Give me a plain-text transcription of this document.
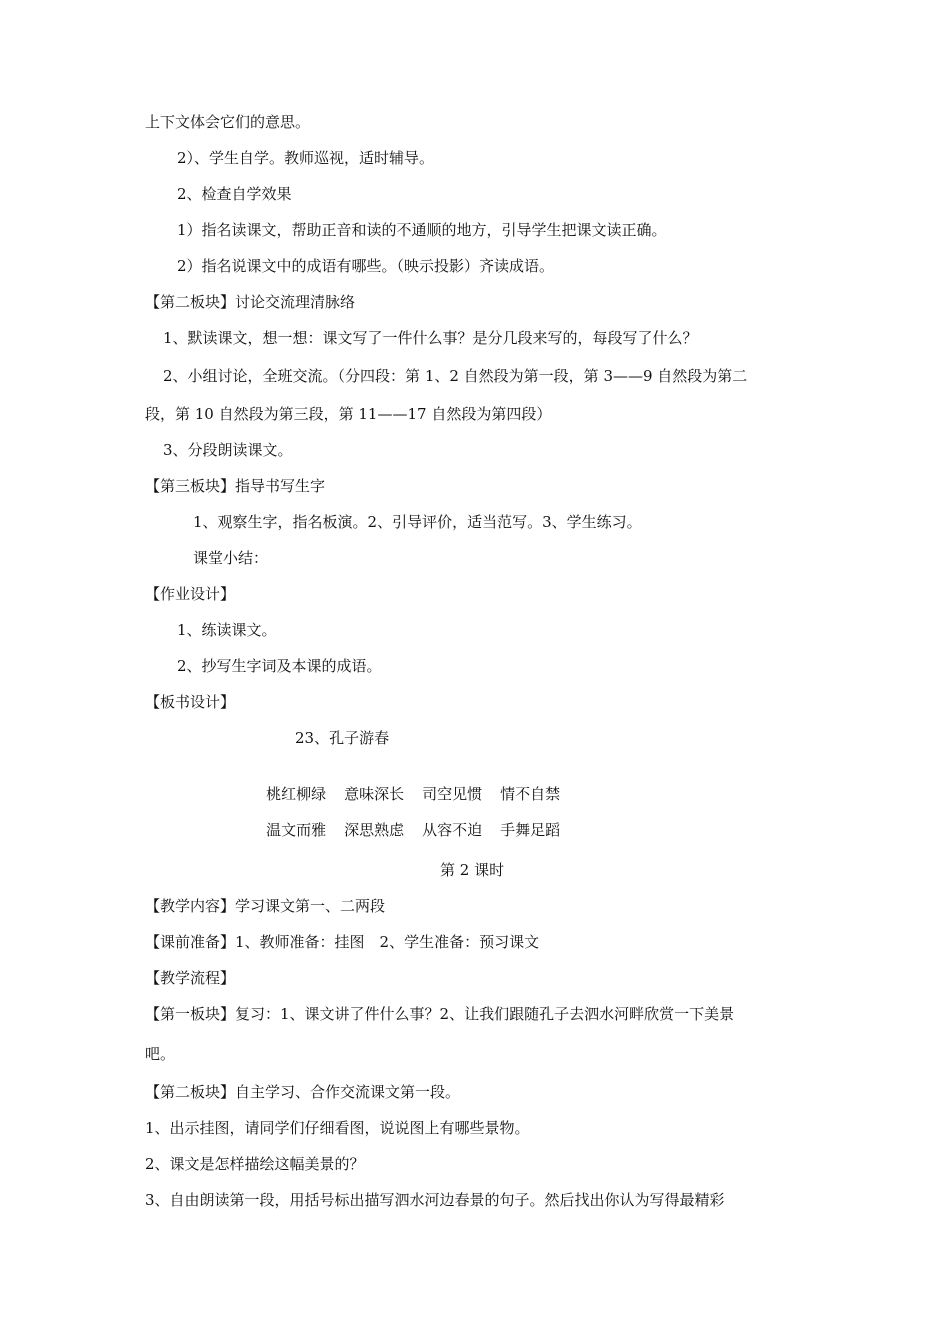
上下文体会它们的意思。
2）、学生自学。教师巡视，适时辅导。
2、检查自学效果
1）指名读课文，帮助正音和读的不通顺的地方，引导学生把课文读正确。
2）指名说课文中的成语有哪些。（映示投影）齐读成语。
【第二板块】讨论交流理清脉络
1、默读课文，想一想：课文写了一件什么事？是分几段来写的，每段写了什么？
2、小组讨论，全班交流。（分四段：第 1、2 自然段为第一段，第 3——9 自然段为第二
段，第 10 自然段为第三段，第 11——17 自然段为第四段）
3、分段朗读课文。
【第三板块】指导书写生字
1、观察生字，指名板演。2、引导评价，适当范写。3、学生练习。
课堂小结：
【作业设计】
1、练读课文。
2、抄写生字词及本课的成语。
【板书设计】
23、孔子游春

桃红柳绿 意味深长 司空见惯 情不自禁

温文而雅 深思熟虑 从容不迫 手舞足蹈

第 2 课时
【教学内容】学习课文第一、二两段
【课前准备】1、教师准备：挂图　2、学生准备：预习课文
【教学流程】
【第一板块】复习：1、课文讲了件什么事？2、让我们跟随孔子去泗水河畔欣赏一下美景
吧。
【第二板块】自主学习、合作交流课文第一段。
1、出示挂图，请同学们仔细看图，说说图上有哪些景物。
2、课文是怎样描绘这幅美景的？
3、自由朗读第一段，用括号标出描写泗水河边春景的句子。然后找出你认为写得最精彩
